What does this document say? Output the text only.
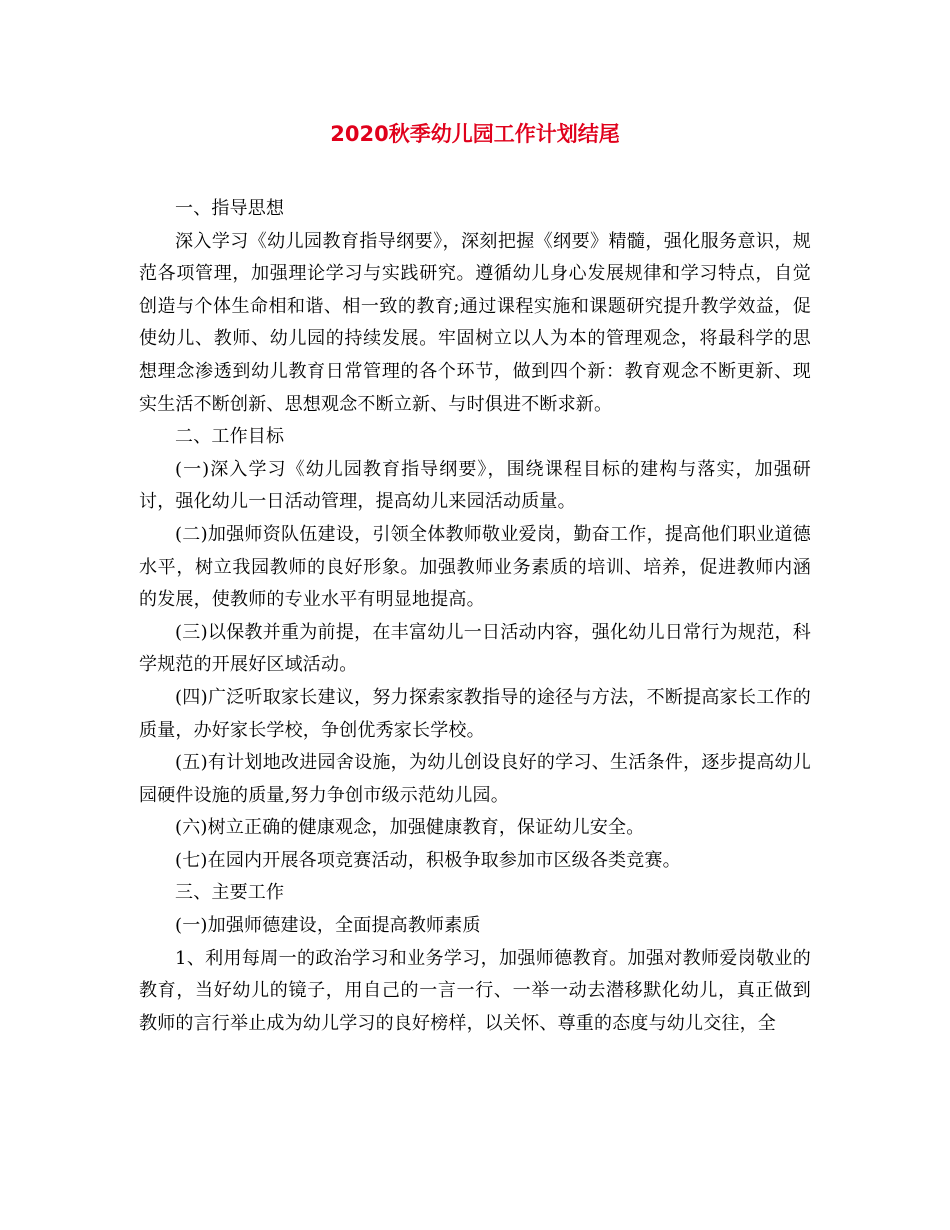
2020秋季幼儿园工作计划结尾

一、指导思想

深入学习《幼儿园教育指导纲要》，深刻把握《纲要》精髓，强化服务意识，规范各项管理，加强理论学习与实践研究。遵循幼儿身心发展规律和学习特点，自觉创造与个体生命相和谐、相一致的教育;通过课程实施和课题研究提升教学效益，促使幼儿、教师、幼儿园的持续发展。牢固树立以人为本的管理观念，将最科学的思想理念渗透到幼儿教育日常管理的各个环节，做到四个新：教育观念不断更新、现实生活不断创新、思想观念不断立新、与时俱进不断求新。

二、工作目标

(一)深入学习《幼儿园教育指导纲要》，围绕课程目标的建构与落实，加强研讨，强化幼儿一日活动管理，提高幼儿来园活动质量。

(二)加强师资队伍建设，引领全体教师敬业爱岗，勤奋工作，提高他们职业道德水平，树立我园教师的良好形象。加强教师业务素质的培训、培养，促进教师内涵的发展，使教师的专业水平有明显地提高。

(三)以保教并重为前提，在丰富幼儿一日活动内容，强化幼儿日常行为规范，科学规范的开展好区域活动。

(四)广泛听取家长建议，努力探索家教指导的途径与方法，不断提高家长工作的质量，办好家长学校，争创优秀家长学校。

(五)有计划地改进园舍设施，为幼儿创设良好的学习、生活条件，逐步提高幼儿园硬件设施的质量,努力争创市级示范幼儿园。

(六)树立正确的健康观念，加强健康教育，保证幼儿安全。

(七)在园内开展各项竞赛活动，积极争取参加市区级各类竞赛。

三、主要工作

(一)加强师德建设，全面提高教师素质

1、利用每周一的政治学习和业务学习，加强师德教育。加强对教师爱岗敬业的教育，当好幼儿的镜子，用自己的一言一行、一举一动去潜移默化幼儿，真正做到教师的言行举止成为幼儿学习的良好榜样，以关怀、尊重的态度与幼儿交往，全
